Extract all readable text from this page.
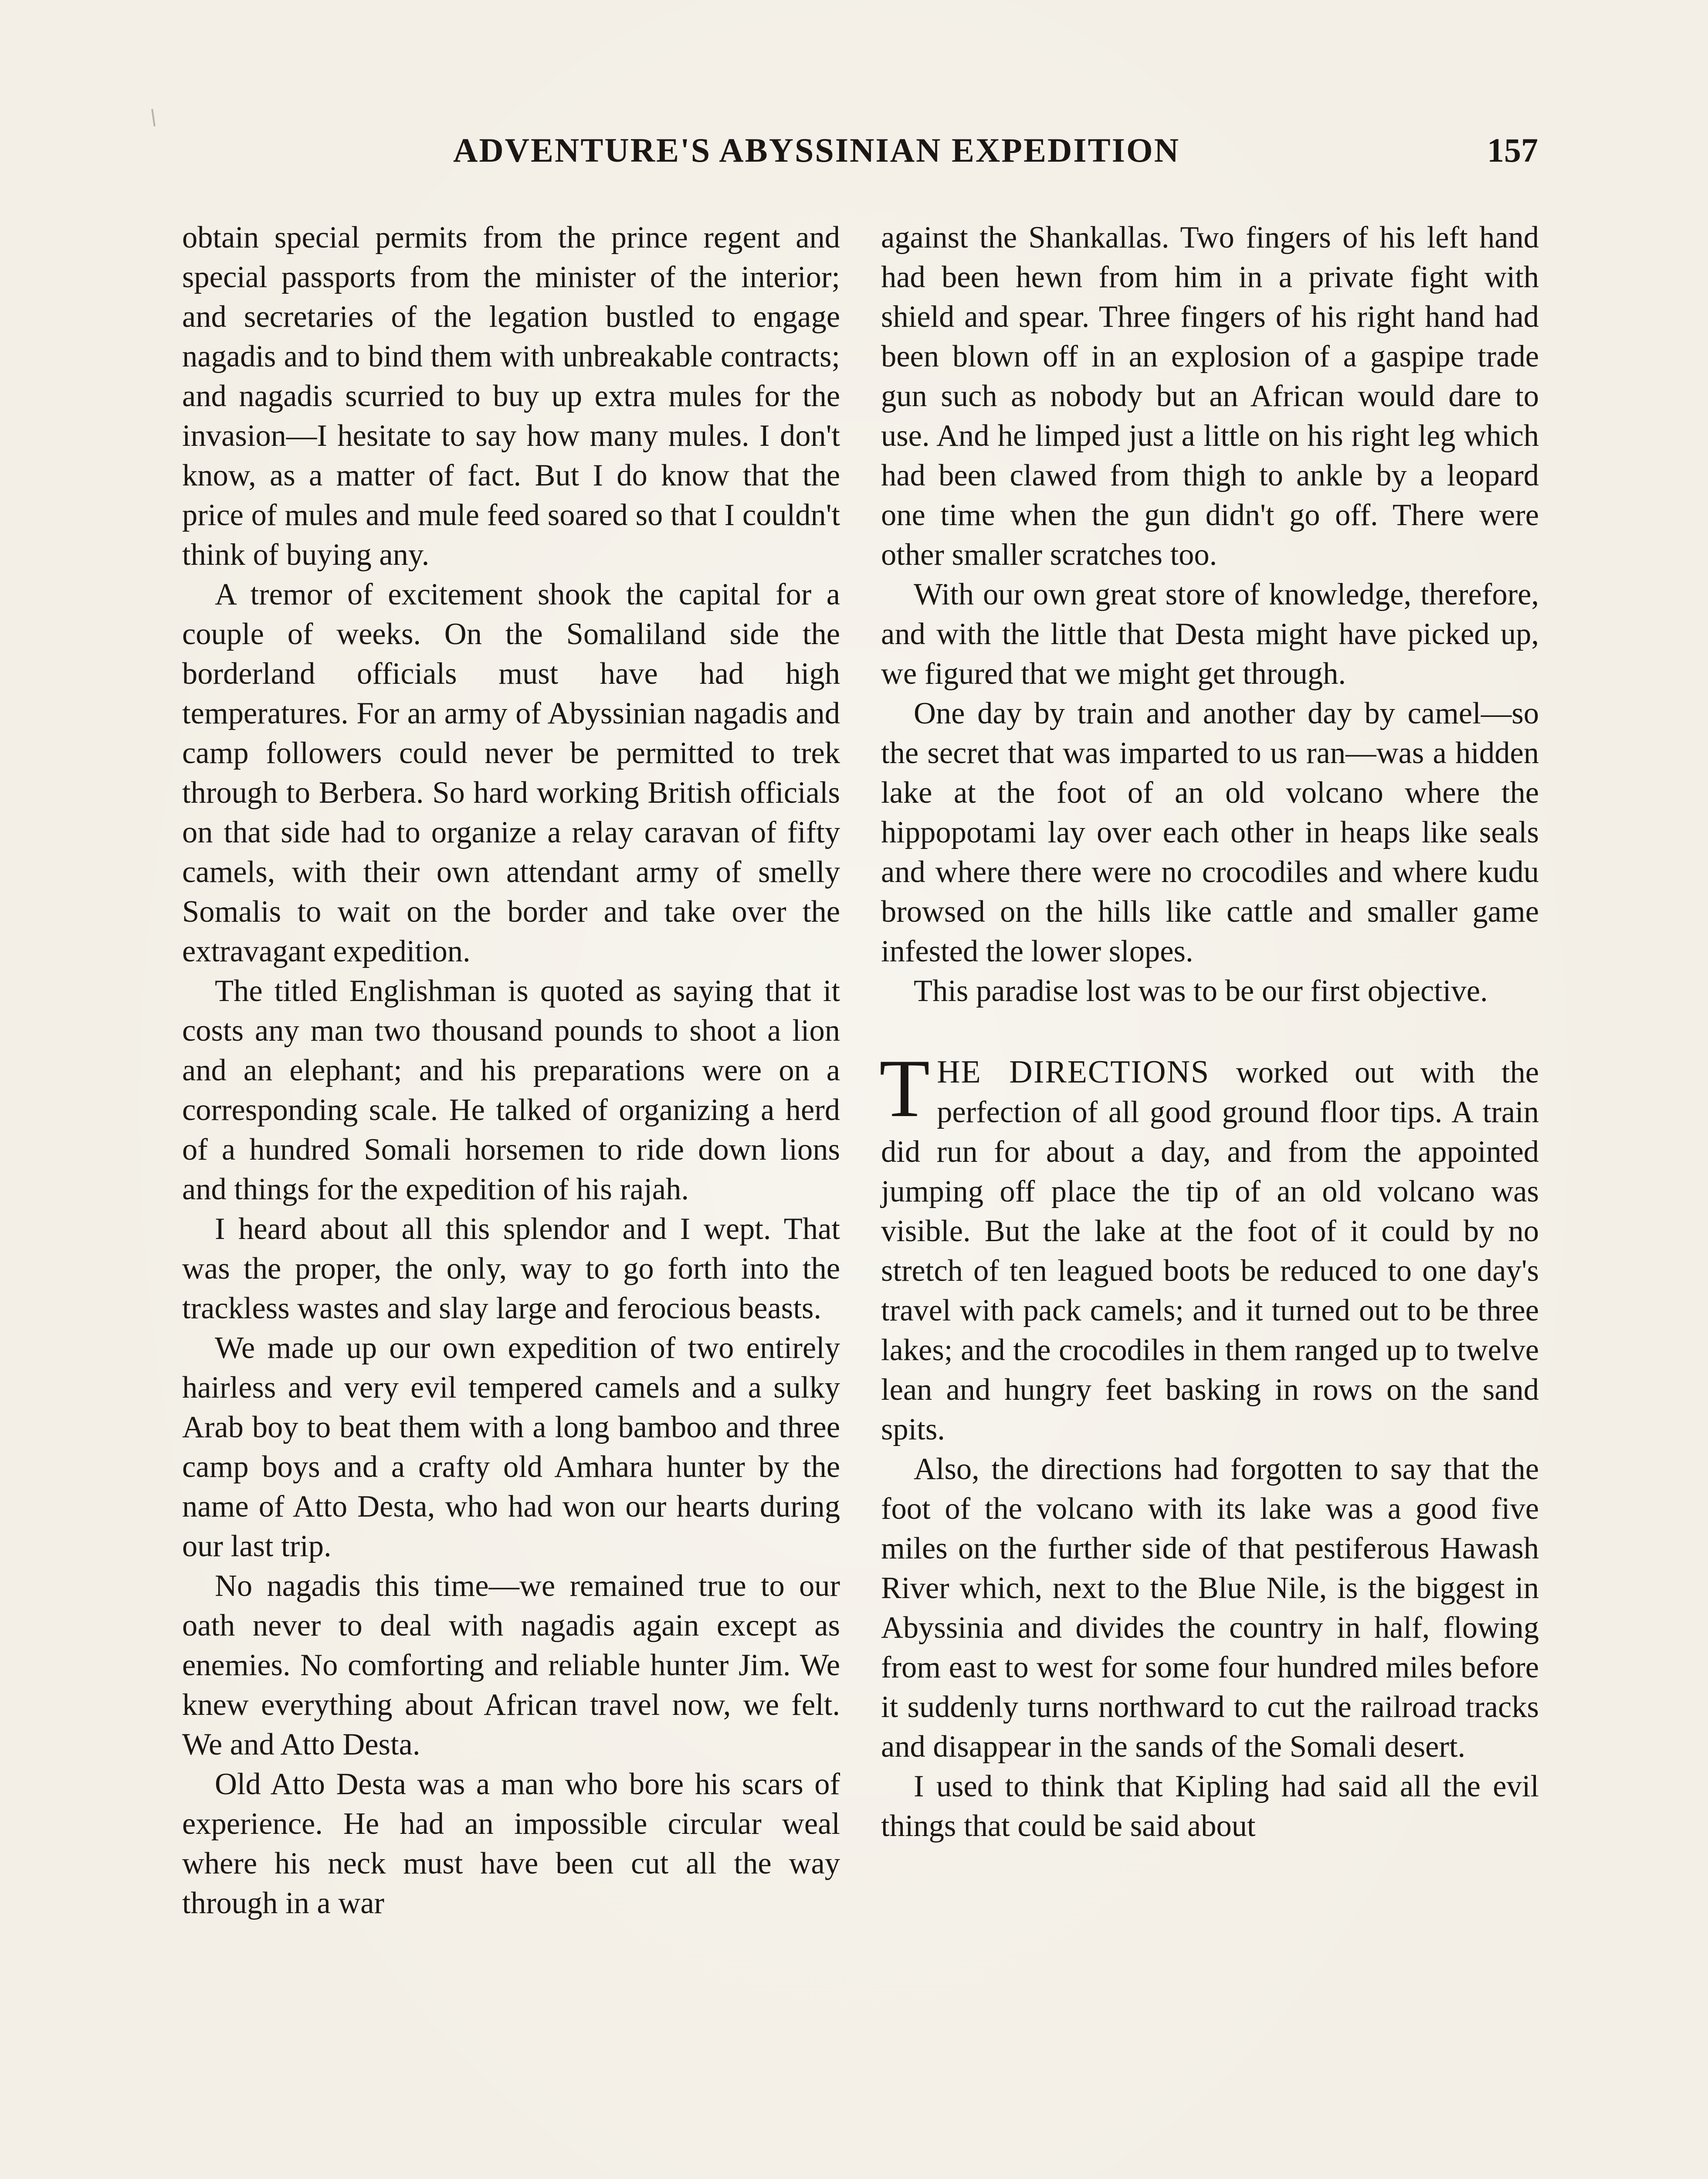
ADVENTURE'S ABYSSINIAN EXPEDITION	157

obtain special permits from the prince regent and special passports from the minister of the interior; and secretaries of the legation bustled to engage nagadis and to bind them with unbreakable contracts; and nagadis scurried to buy up extra mules for the invasion—I hesitate to say how many mules. I don't know, as a matter of fact. But I do know that the price of mules and mule feed soared so that I couldn't think of buying any.

A tremor of excitement shook the capital for a couple of weeks. On the Somaliland side the borderland officials must have had high temperatures. For an army of Abyssinian nagadis and camp followers could never be permitted to trek through to Berbera. So hard working British officials on that side had to organize a relay caravan of fifty camels, with their own attendant army of smelly Somalis to wait on the border and take over the extravagant expedition.

The titled Englishman is quoted as saying that it costs any man two thousand pounds to shoot a lion and an elephant; and his preparations were on a corresponding scale. He talked of organizing a herd of a hundred Somali horsemen to ride down lions and things for the expedition of his rajah.

I heard about all this splendor and I wept. That was the proper, the only, way to go forth into the trackless wastes and slay large and ferocious beasts.

We made up our own expedition of two entirely hairless and very evil tempered camels and a sulky Arab boy to beat them with a long bamboo and three camp boys and a crafty old Amhara hunter by the name of Atto Desta, who had won our hearts during our last trip.

No nagadis this time—we remained true to our oath never to deal with nagadis again except as enemies. No comforting and reliable hunter Jim. We knew everything about African travel now, we felt. We and Atto Desta.

Old Atto Desta was a man who bore his scars of experience. He had an impossible circular weal where his neck must have been cut all the way through in a war

against the Shankallas. Two fingers of his left hand had been hewn from him in a private fight with shield and spear. Three fingers of his right hand had been blown off in an explosion of a gaspipe trade gun such as nobody but an African would dare to use. And he limped just a little on his right leg which had been clawed from thigh to ankle by a leopard one time when the gun didn't go off. There were other smaller scratches too.

With our own great store of knowledge, therefore, and with the little that Desta might have picked up, we figured that we might get through.

One day by train and another day by camel—so the secret that was imparted to us ran—was a hidden lake at the foot of an old volcano where the hippopotami lay over each other in heaps like seals and where there were no crocodiles and where kudu browsed on the hills like cattle and smaller game infested the lower slopes.

This paradise lost was to be our first objective.

THE DIRECTIONS worked out with the perfection of all good ground floor tips. A train did run for about a day, and from the appointed jumping off place the tip of an old volcano was visible. But the lake at the foot of it could by no stretch of ten leagued boots be reduced to one day's travel with pack camels; and it turned out to be three lakes; and the crocodiles in them ranged up to twelve lean and hungry feet basking in rows on the sand spits.

Also, the directions had forgotten to say that the foot of the volcano with its lake was a good five miles on the further side of that pestiferous Hawash River which, next to the Blue Nile, is the biggest in Abyssinia and divides the country in half, flowing from east to west for some four hundred miles before it suddenly turns northward to cut the railroad tracks and disappear in the sands of the Somali desert.

I used to think that Kipling had said all the evil things that could be said about
